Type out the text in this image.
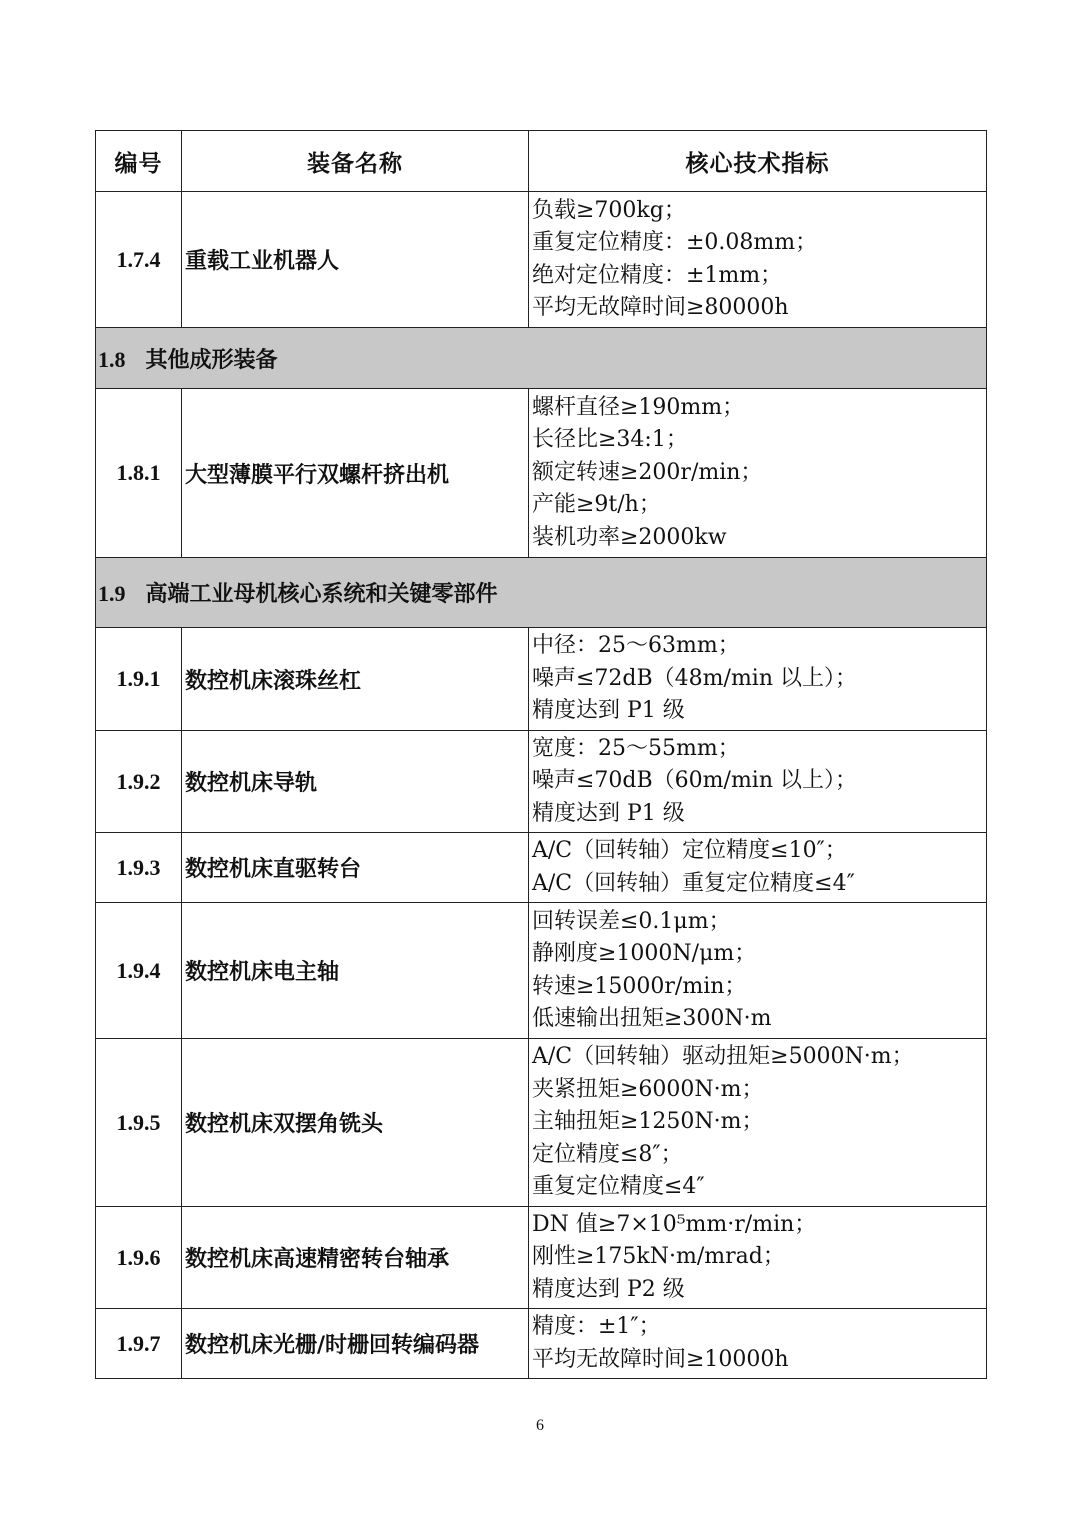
编号	装备名称	核心技术指标
1.7.4	重载工业机器人	负载≥700kg；
重复定位精度：±0.08mm；
绝对定位精度：±1mm；
平均无故障时间≥80000h

1.8 其他成形装备		
1.8.1	大型薄膜平行双螺杆挤出机	螺杆直径≥190mm；
长径比≥34:1；
额定转速≥200r/min；
产能≥9t/h；
装机功率≥2000kw

1.9 高端工业母机核心系统和关键零部件		
1.9.1	数控机床滚珠丝杠	中径：25～63mm；
噪声≤72dB（48m/min 以上）；
精度达到 P1 级

1.9.2	数控机床导轨	宽度：25～55mm；
噪声≤70dB（60m/min 以上）；
精度达到 P1 级

1.9.3	数控机床直驱转台	A/C（回转轴）定位精度≤10″；
A/C（回转轴）重复定位精度≤4″

1.9.4	数控机床电主轴	回转误差≤0.1μm；
静刚度≥1000N/μm；
转速≥15000r/min；
低速输出扭矩≥300N·m

1.9.5	数控机床双摆角铣头	A/C（回转轴）驱动扭矩≥5000N·m；
夹紧扭矩≥6000N·m；
主轴扭矩≥1250N·m；
定位精度≤8″；
重复定位精度≤4″

1.9.6	数控机床高速精密转台轴承	DN 值≥7×10⁵mm·r/min；
刚性≥175kN·m/mrad；
精度达到 P2 级

1.9.7	数控机床光栅/时栅回转编码器	精度：±1″；
平均无故障时间≥10000h
6
